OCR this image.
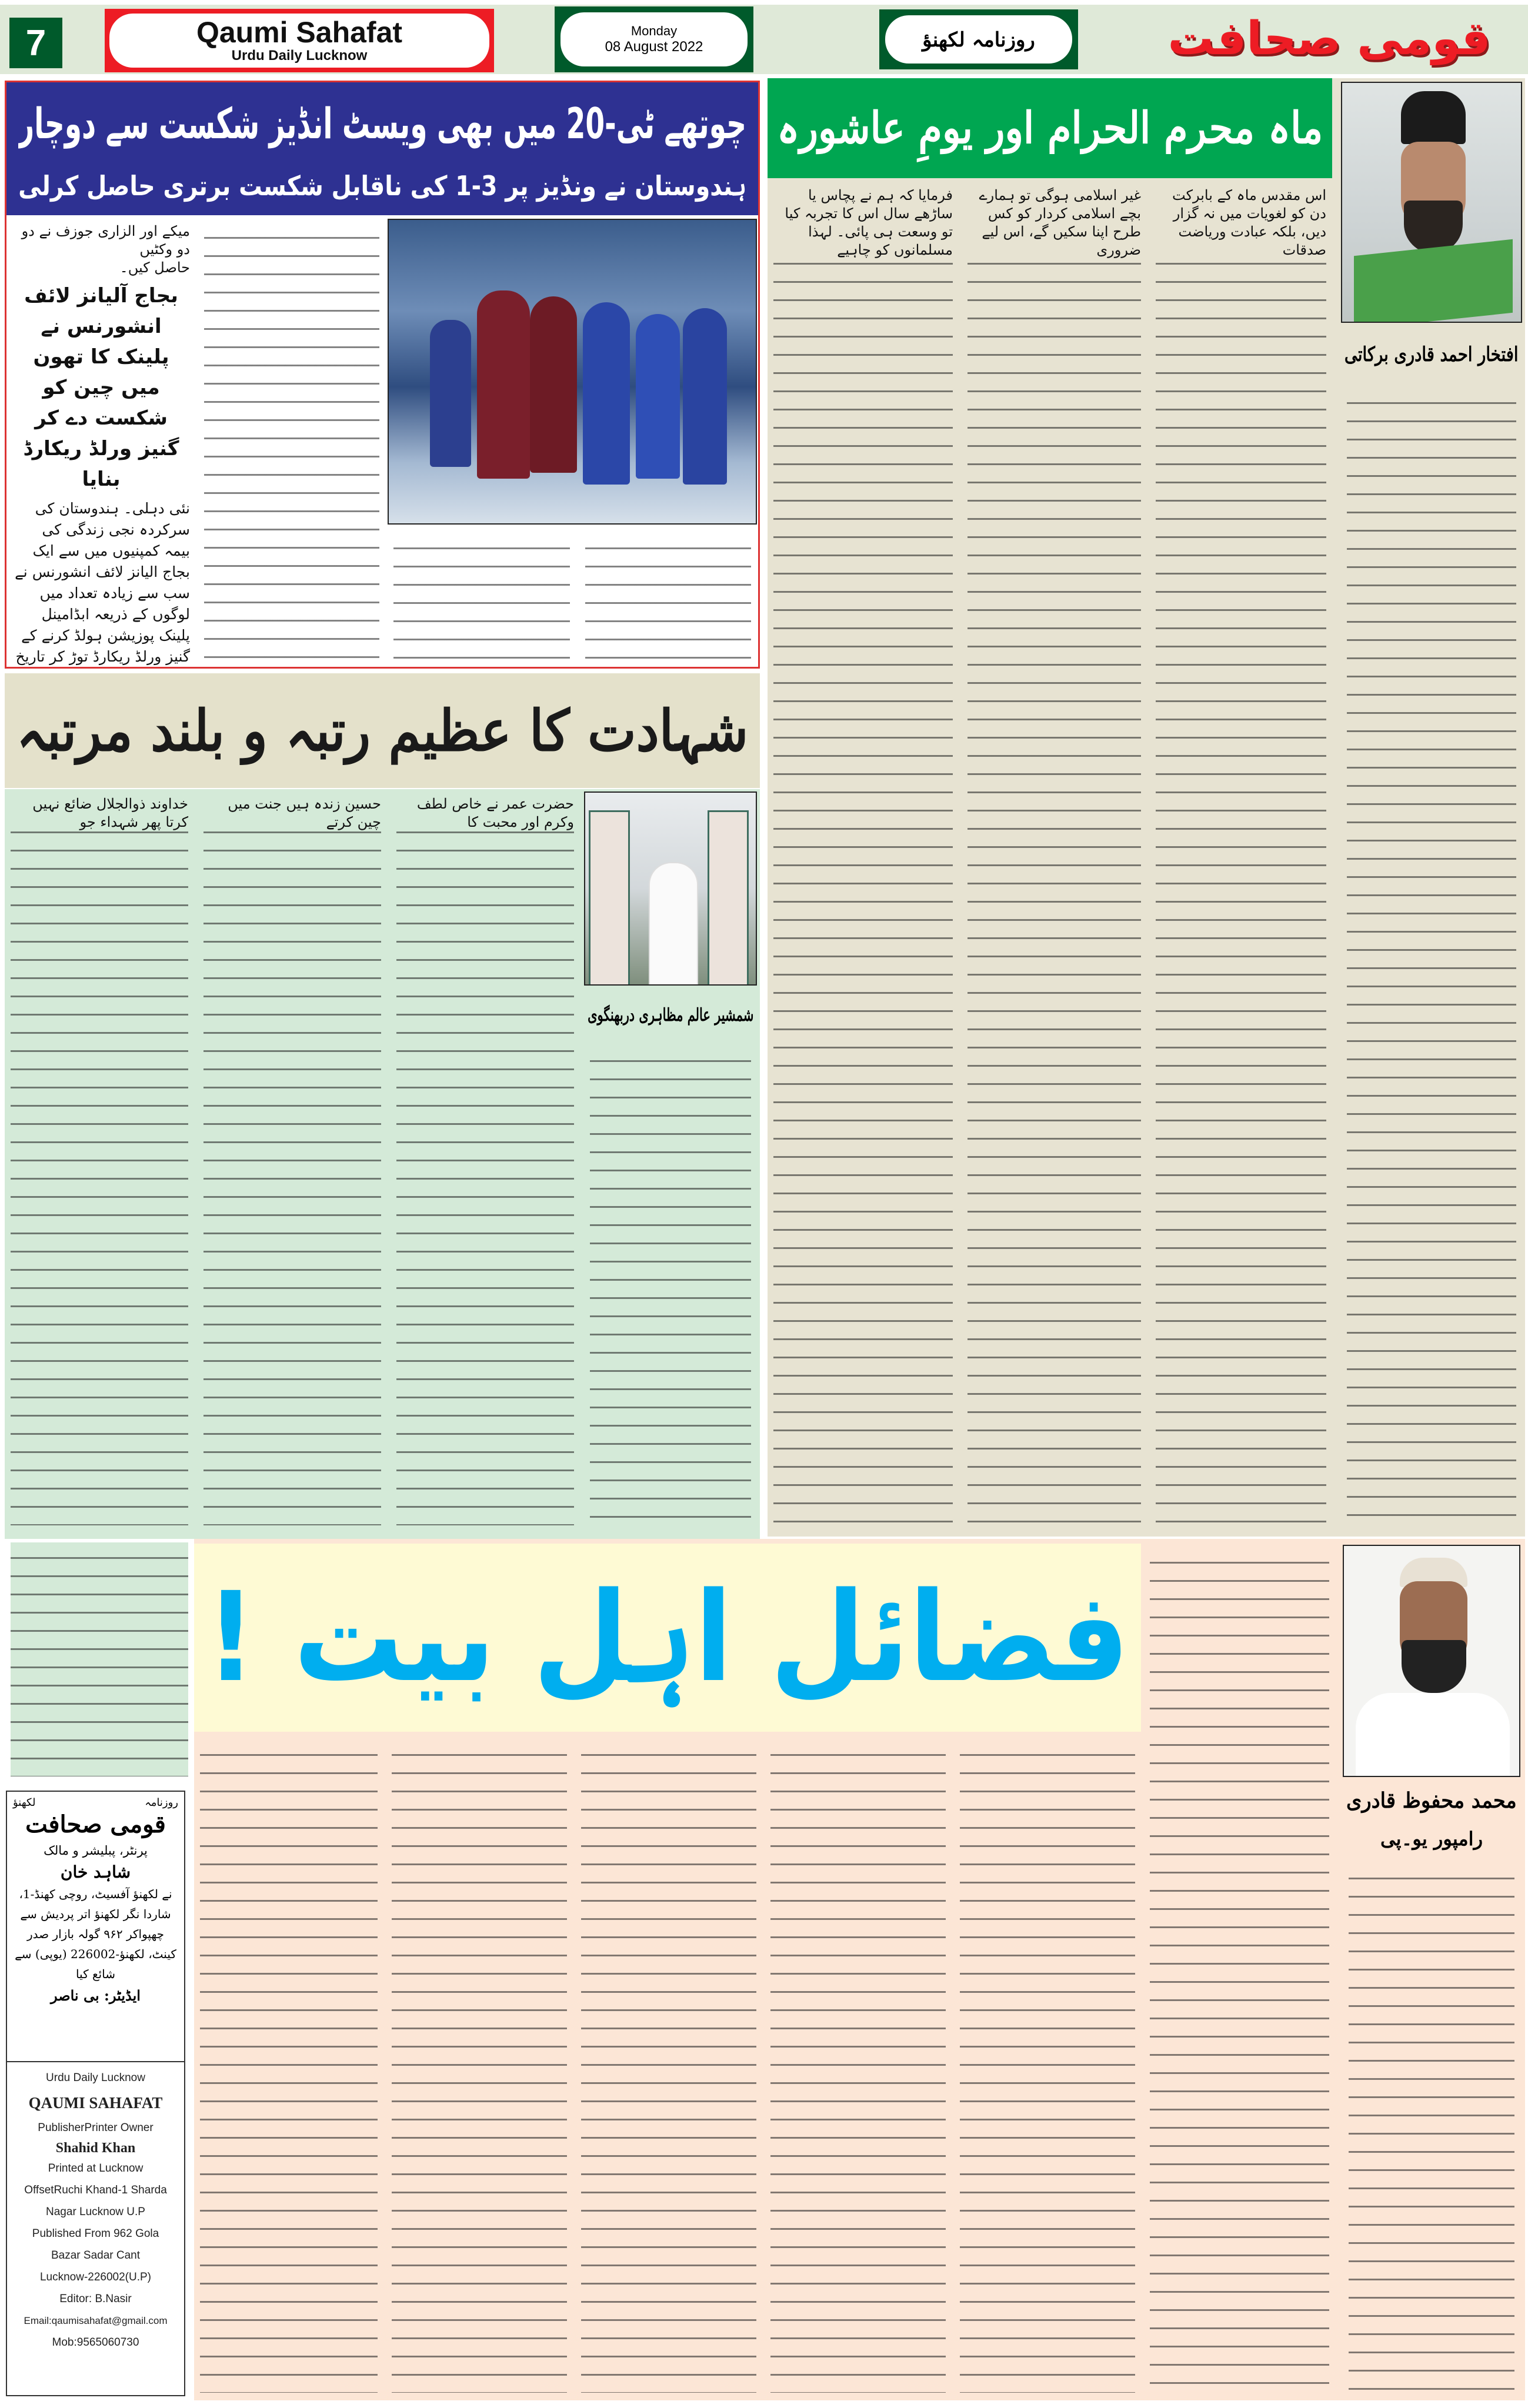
7	Qaumi Sahafat
Urdu Daily Lucknow
Monday
08 August 2022	روزنامہ لکھنؤ	قومی صحافت
چوتھے ٹی-20 میں بھی ویسٹ انڈیز شکست سے دوچار
ہندوستان نے ونڈیز پر 3-1 کی ناقابل شکست برتری حاصل کرلی
میکے اور الزاری جوزف نے دو دو وکٹیں
حاصل کیں۔
بجاج آلیانز لائف انشورنس نے پلینک کا تھون میں چین کو شکست دے کر گنیز ورلڈ ریکارڈ بنایا
نئی دہلی۔ ہندوستان کی سرکردہ نجی زندگی کی بیمہ کمپنیوں میں سے ایک بجاج الیانز لائف انشورنس نے سب سے زیادہ تعداد میں لوگوں کے ذریعہ ابڈامینل پلینک پوزیشن ہولڈ کرنے کے گنیز ورلڈ ریکارڈ توڑ کر تاریخ
ماہ محرم الحرام اور یومِ عاشورہ
افتخار احمد قادری برکاتی
اس مقدس ماہ کے بابرکت دن کو لغویات میں نہ گزار دیں، بلکہ عبادت وریاضت صدقات
غیر اسلامی ہوگی تو ہمارے بچے اسلامی کردار کو کس طرح اپنا سکیں گے، اس لیے ضروری
فرمایا کہ ہم نے پچاس یا ساڑھے سال اس کا تجربہ کیا تو وسعت ہی پائی۔ لہذا مسلمانوں کو چاہیے
شہادت کا عظیم رتبہ و بلند مرتبہ
شمشیر عالم مظاہری دربھنگوی
حضرت عمر نے خاص لطف وکرم اور محبت کا
حسین زندہ ہیں جنت میں چین کرتے
خداوند ذوالجلال ضائع نہیں کرتا پھر شہداء جو
فضائل اہل بیت !
محمد محفوظ قادری
رامپور یو۔پی
روزنامہ
لکھنؤ
قومی صحافت
پرنٹر، پبلیشر و مالک
شاہد خان
نے لکھنؤ آفسیٹ، روچی کھنڈ-1، شاردا نگر لکھنؤ اتر پردیش سے چھپواکر ۹۶۲ گولہ بازار صدر کینٹ، لکھنؤ-226002 (یوپی) سے شائع کیا
ایڈیٹر: بی ناصر
Urdu Daily Lucknow
QAUMI SAHAFAT
PublisherPrinter Owner
Shahid Khan
Printed at Lucknow
OffsetRuchi Khand-1 Sharda
Nagar Lucknow U.P
Published From 962 Gola
Bazar Sadar Cant
Lucknow-226002(U.P)
Editor: B.Nasir
Email:qaumisahafat@gmail.com
Mob:9565060730
